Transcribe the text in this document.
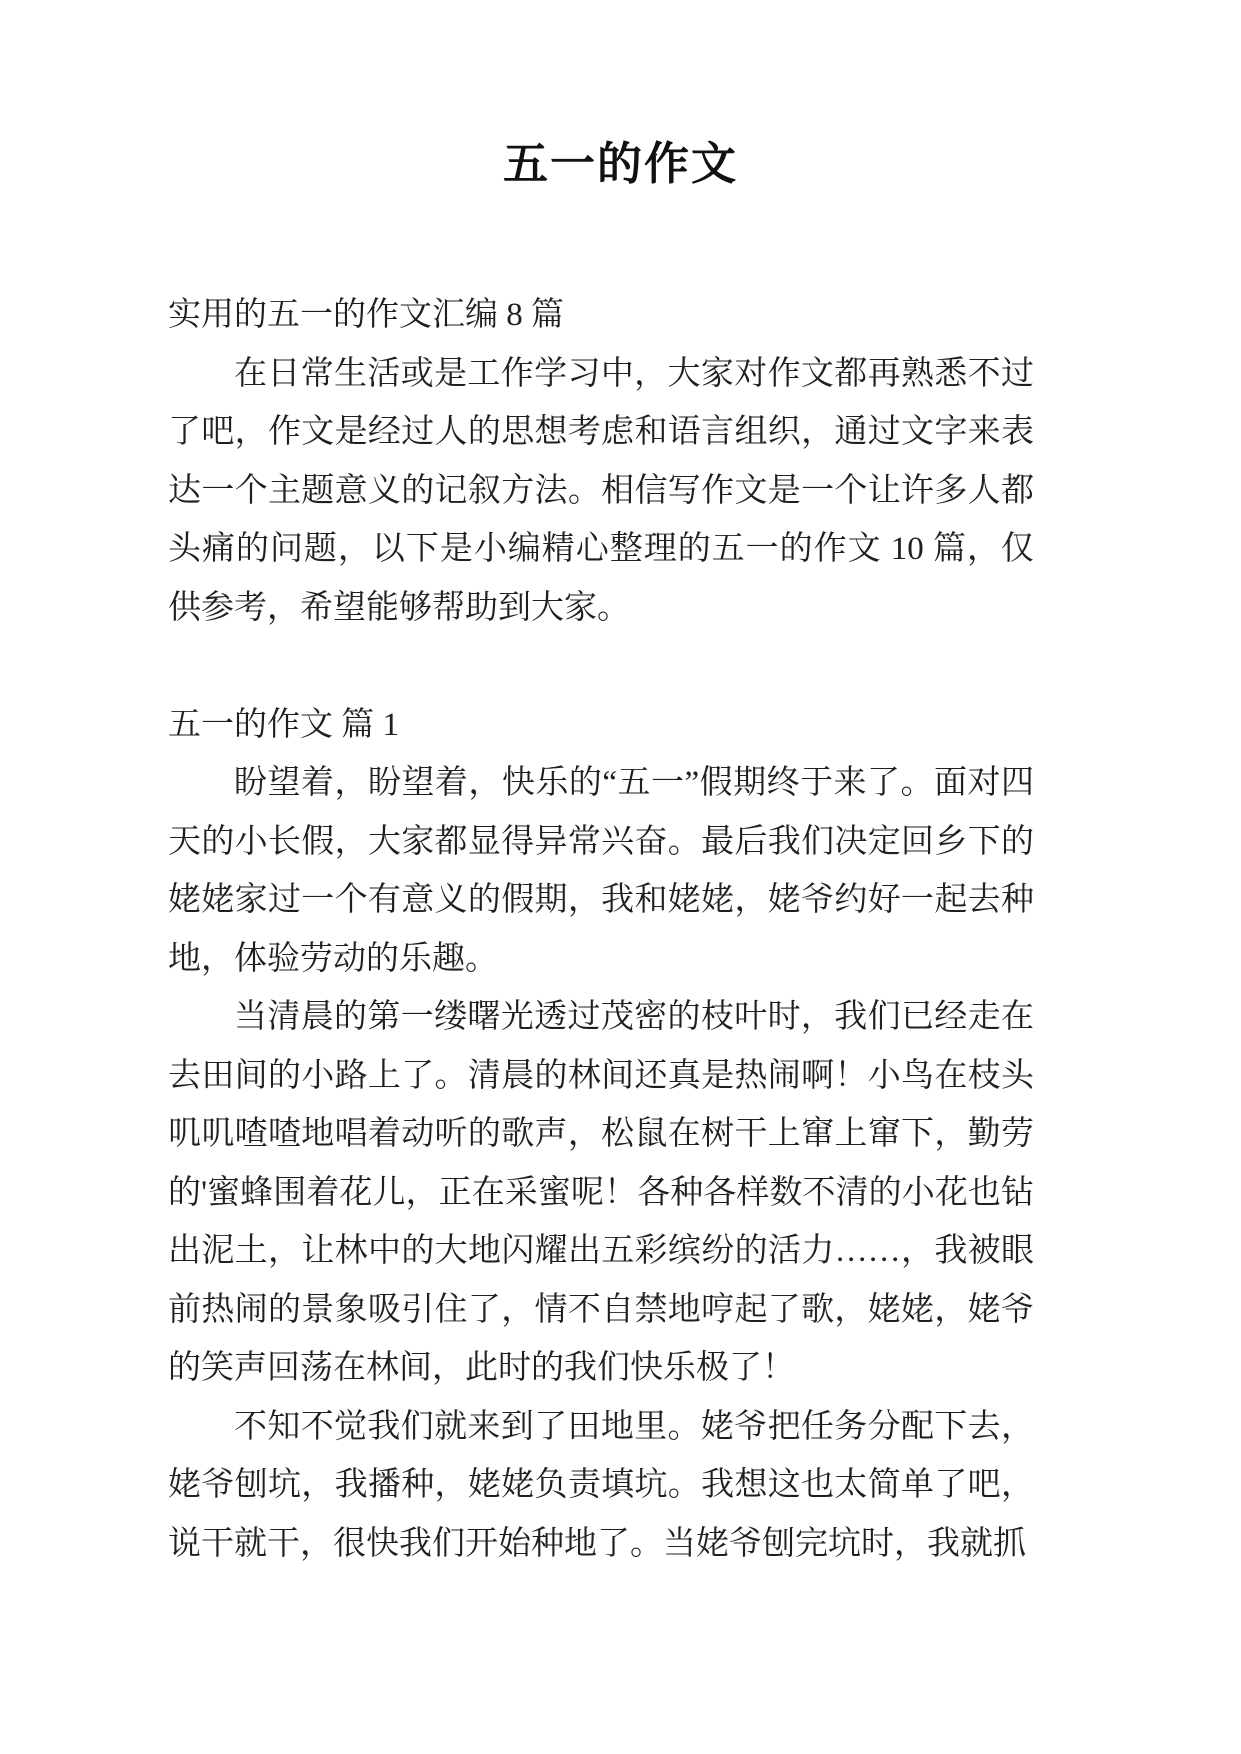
五一的作文

实用的五一的作文汇编 8 篇

在日常生活或是工作学习中，大家对作文都再熟悉不过了吧，作文是经过人的思想考虑和语言组织，通过文字来表达一个主题意义的记叙方法。相信写作文是一个让许多人都头痛的问题，以下是小编精心整理的五一的作文 10 篇，仅供参考，希望能够帮助到大家。

五一的作文 篇 1

盼望着，盼望着，快乐的“五一”假期终于来了。面对四天的小长假，大家都显得异常兴奋。最后我们决定回乡下的姥姥家过一个有意义的假期，我和姥姥，姥爷约好一起去种地，体验劳动的乐趣。

当清晨的第一缕曙光透过茂密的枝叶时，我们已经走在去田间的小路上了。清晨的林间还真是热闹啊！小鸟在枝头叽叽喳喳地唱着动听的歌声，松鼠在树干上窜上窜下，勤劳的'蜜蜂围着花儿，正在采蜜呢！各种各样数不清的小花也钻出泥土，让林中的大地闪耀出五彩缤纷的活力……，我被眼前热闹的景象吸引住了，情不自禁地哼起了歌，姥姥，姥爷的笑声回荡在林间，此时的我们快乐极了！

不知不觉我们就来到了田地里。姥爷把任务分配下去，姥爷刨坑，我播种，姥姥负责填坑。我想这也太简单了吧，说干就干，很快我们开始种地了。当姥爷刨完坑时，我就抓
